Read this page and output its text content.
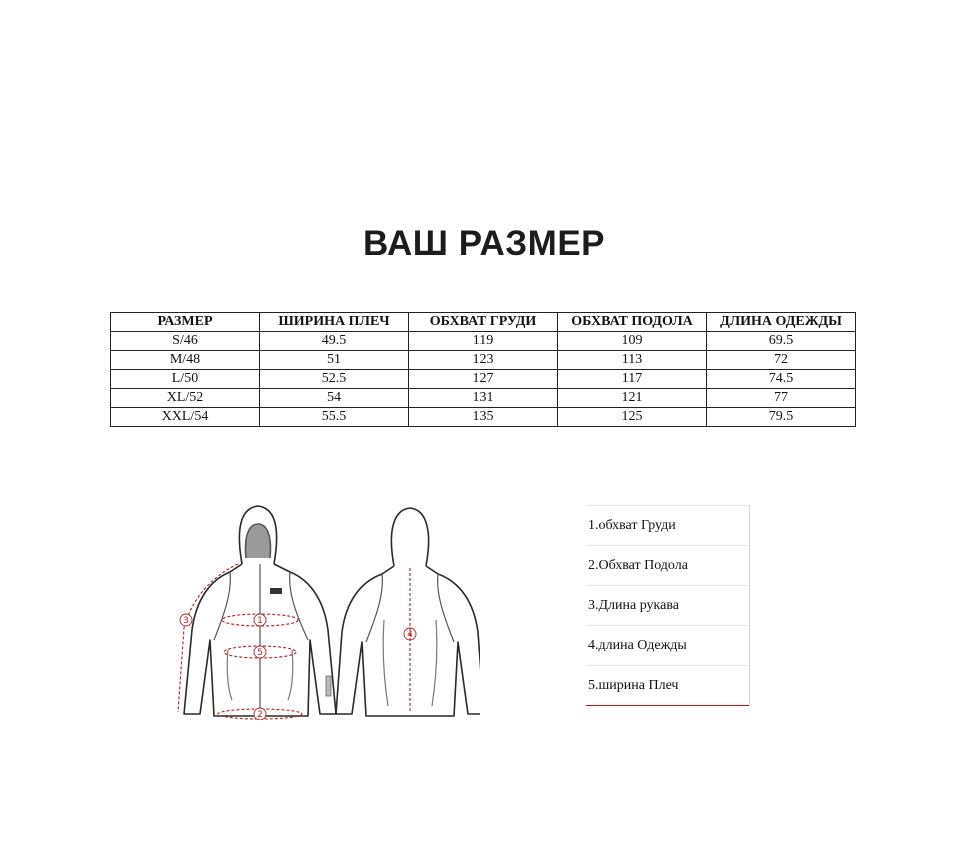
ВАШ РАЗМЕР
РАЗМЕР	ШИРИНА ПЛЕЧ	ОБХВАТ ГРУДИ	ОБХВАТ ПОДОЛА	ДЛИНА ОДЕЖДЫ
S/46	49.5	119	109	69.5
M/48	51	123	113	72
L/50	52.5	127	117	74.5
XL/52	54	131	121	77
XXL/54	55.5	135	125	79.5
1
2
3
4
5
1.обхват Груди
2.Обхват Подола
3.Длина рукава
4.длина Одежды
5.ширина Плеч
